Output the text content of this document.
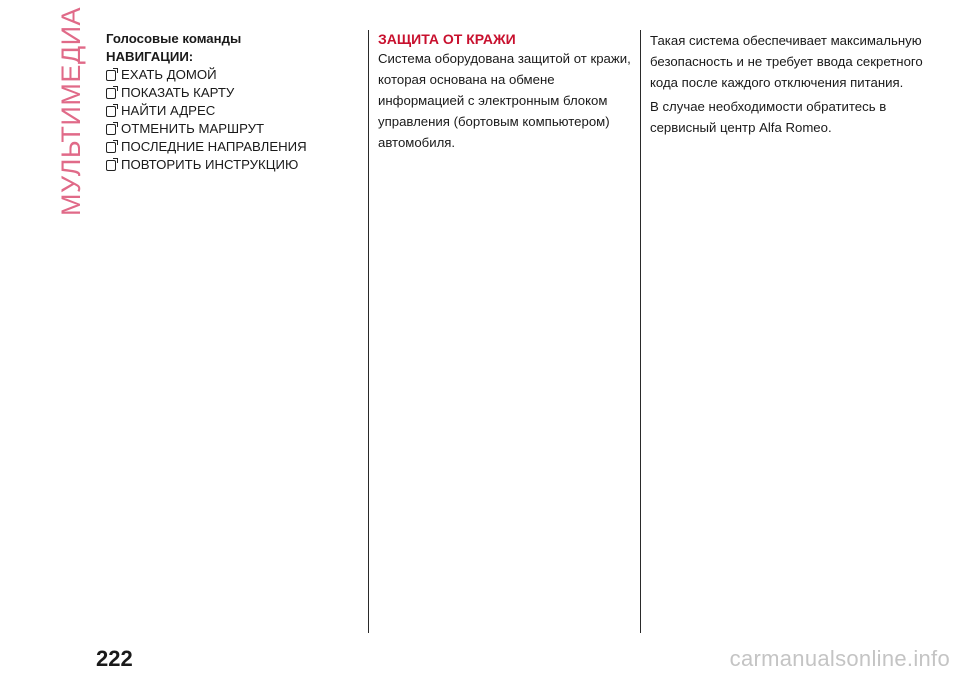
МУЛЬТИМЕДИА Голосовые команды
НАВИГАЦИИ:
ЕХАТЬ ДОМОЙ
ПОКАЗАТЬ КАРТУ
НАЙТИ АДРЕС
ОТМЕНИТЬ МАРШРУТ
ПОСЛЕДНИЕ НАПРАВЛЕНИЯ
ПОВТОРИТЬ ИНСТРУКЦИЮ
ЗАЩИТА ОТ КРАЖИ

Система оборудована защитой от кражи, которая основана на обмене информацией с электронным блоком управления (бортовым компьютером) автомобиля.

Такая система обеспечивает максимальную безопасность и не требует ввода секретного кода после каждого отключения питания.

В случае необходимости обратитесь в сервисный центр Alfa Romeo.

222	carmanualsonline.info
